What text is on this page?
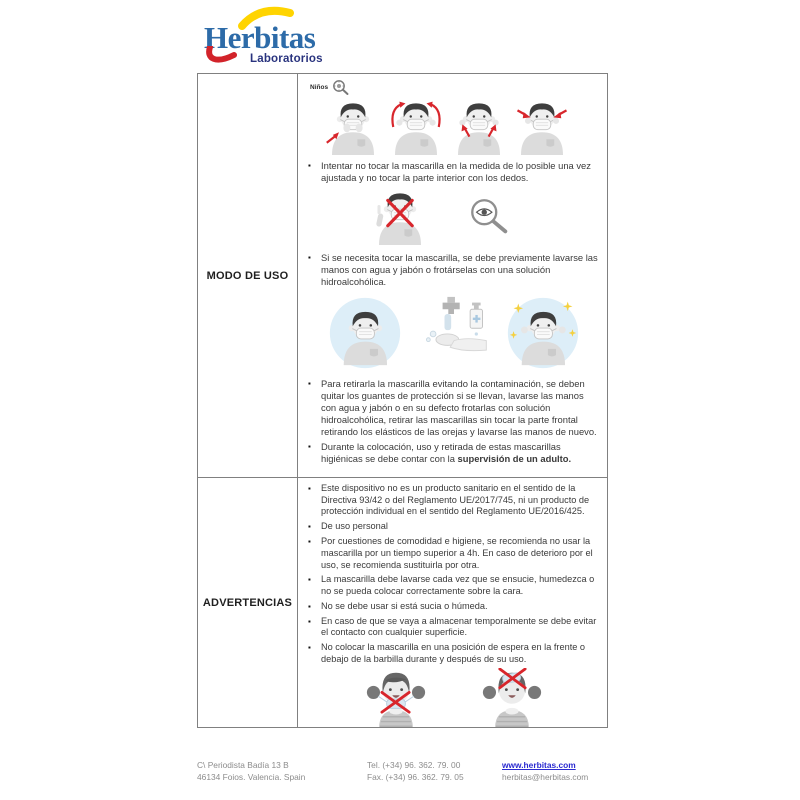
Herbitas
Laboratorios
MODO DE USO
Niños
▪	Intentar no tocar la mascarilla en la medida de lo posible una vez ajustada y no tocar la parte interior con los dedos.
▪	Si se necesita tocar la mascarilla, se debe previamente lavarse las manos con agua y jabón o frotárselas con una solución hidroalcohólica.
▪	Para retirarla la mascarilla evitando la contaminación, se deben quitar los guantes de protección si se llevan, lavarse las manos con agua y jabón o en su defecto frotarlas con solución hidroalcohólica, retirar las mascarillas sin tocar la parte frontal retirando los elásticos de las orejas y lavarse las manos de nuevo.
▪	Durante la colocación, uso y retirada de estas mascarillas higiénicas se debe contar con la supervisión de un adulto.
ADVERTENCIAS
▪	Este dispositivo no es un producto sanitario en el sentido de la Directiva 93/42 o del Reglamento UE/2017/745, ni un producto de protección individual en el sentido del Reglamento UE/2016/425.
▪	De uso personal
▪	Por cuestiones de comodidad e higiene, se recomienda no usar la mascarilla por un tiempo superior a 4h. En caso de deterioro por el uso, se recomienda sustituirla por otra.
▪	La mascarilla debe lavarse cada vez que se ensucie, humedezca o no se pueda colocar correctamente sobre la cara.
▪	No se debe usar si está sucia o húmeda.
▪	En caso de que se vaya a almacenar temporalmente se debe evitar el contacto con cualquier superficie.
▪	No colocar la mascarilla en una posición de espera en la frente o debajo de la barbilla durante y después de su uso.
C\ Periodista Badía 13 B
46134 Foios. Valencia. Spain
Tel. (+34) 96. 362. 79. 00
Fax. (+34) 96. 362. 79. 05
www.herbitas.com
herbitas@herbitas.com
